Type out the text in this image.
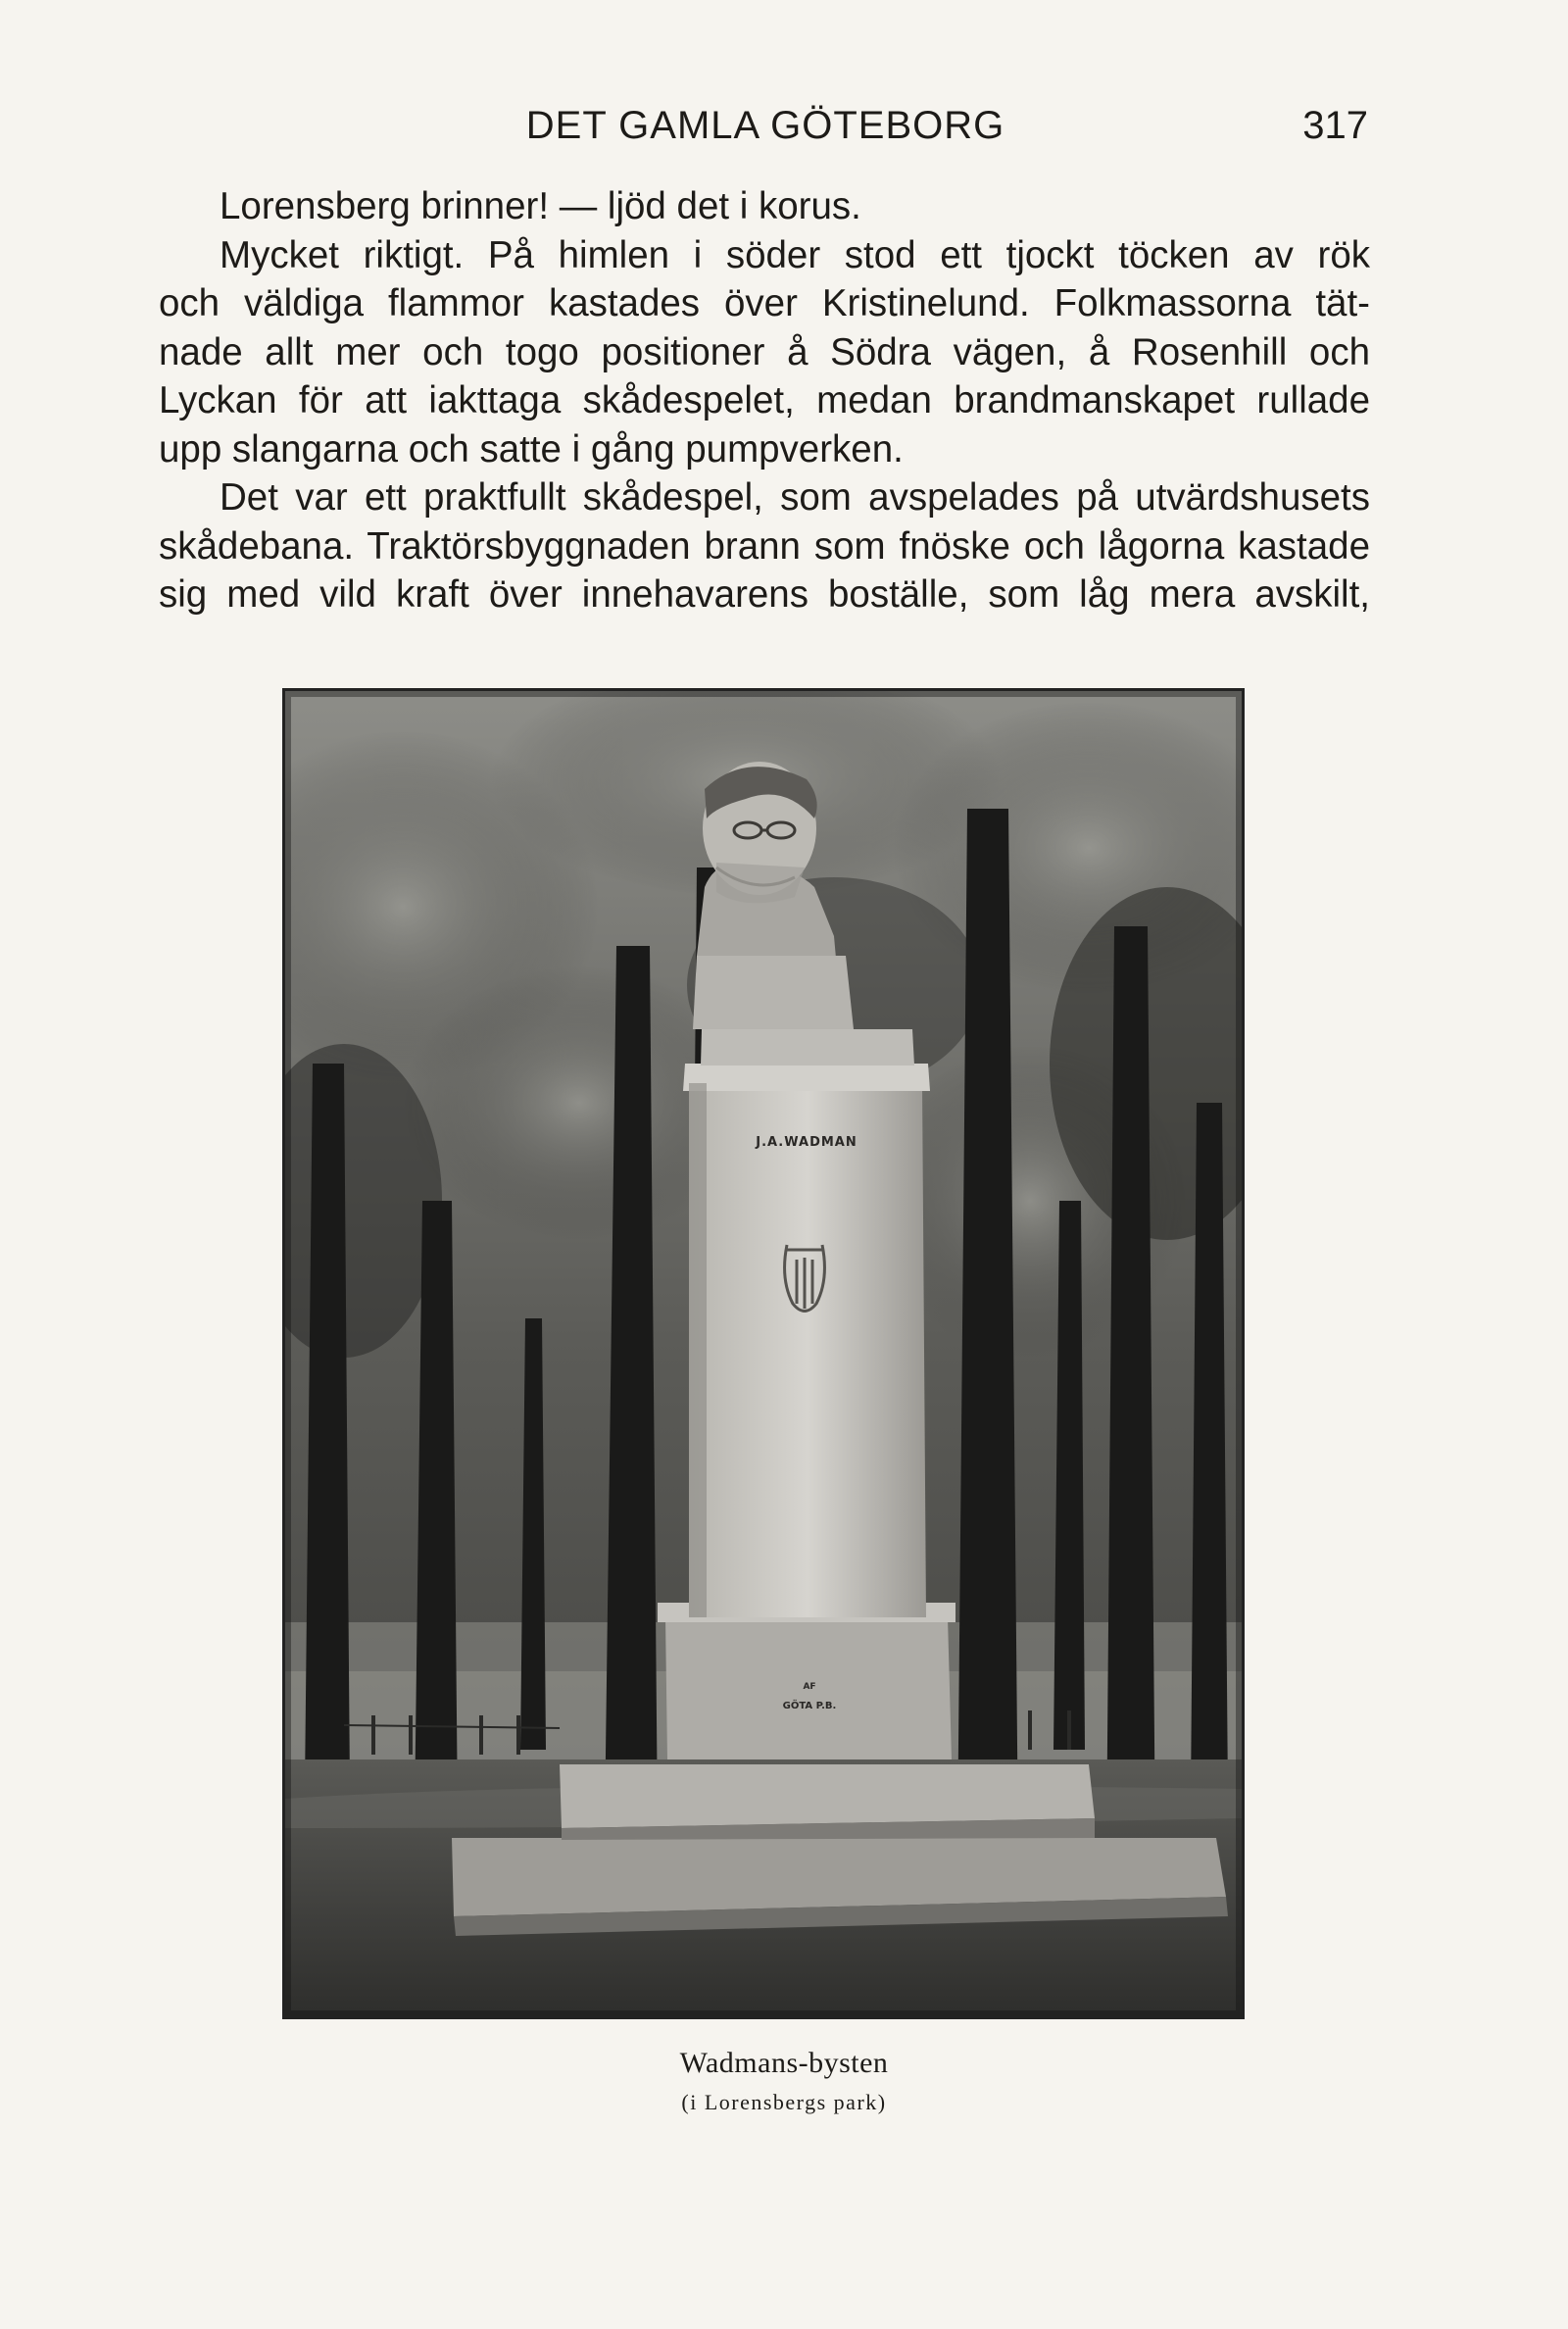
DET GAMLA GÖTEBORG	317

Lorensberg brinner! — ljöd det i korus.

Mycket riktigt. På himlen i söder stod ett tjockt töcken av rök
och väldiga flammor kastades över Kristinelund. Folkmassorna tät-
nade allt mer och togo positioner å Södra vägen, å Rosenhill och
Lyckan för att iakttaga skådespelet, medan brandmanskapet rullade
upp slangarna och satte i gång pumpverken.

Det var ett praktfullt skådespel, som avspelades på utvärdshusets
skådebana. Traktörsbyggnaden brann som fnöske och lågorna kastade
sig med vild kraft över innehavarens boställe, som låg mera avskilt,

J.A.WADMAN
AF
GÖTA P.B.
Wadmans-bysten
(i Lorensbergs park)
